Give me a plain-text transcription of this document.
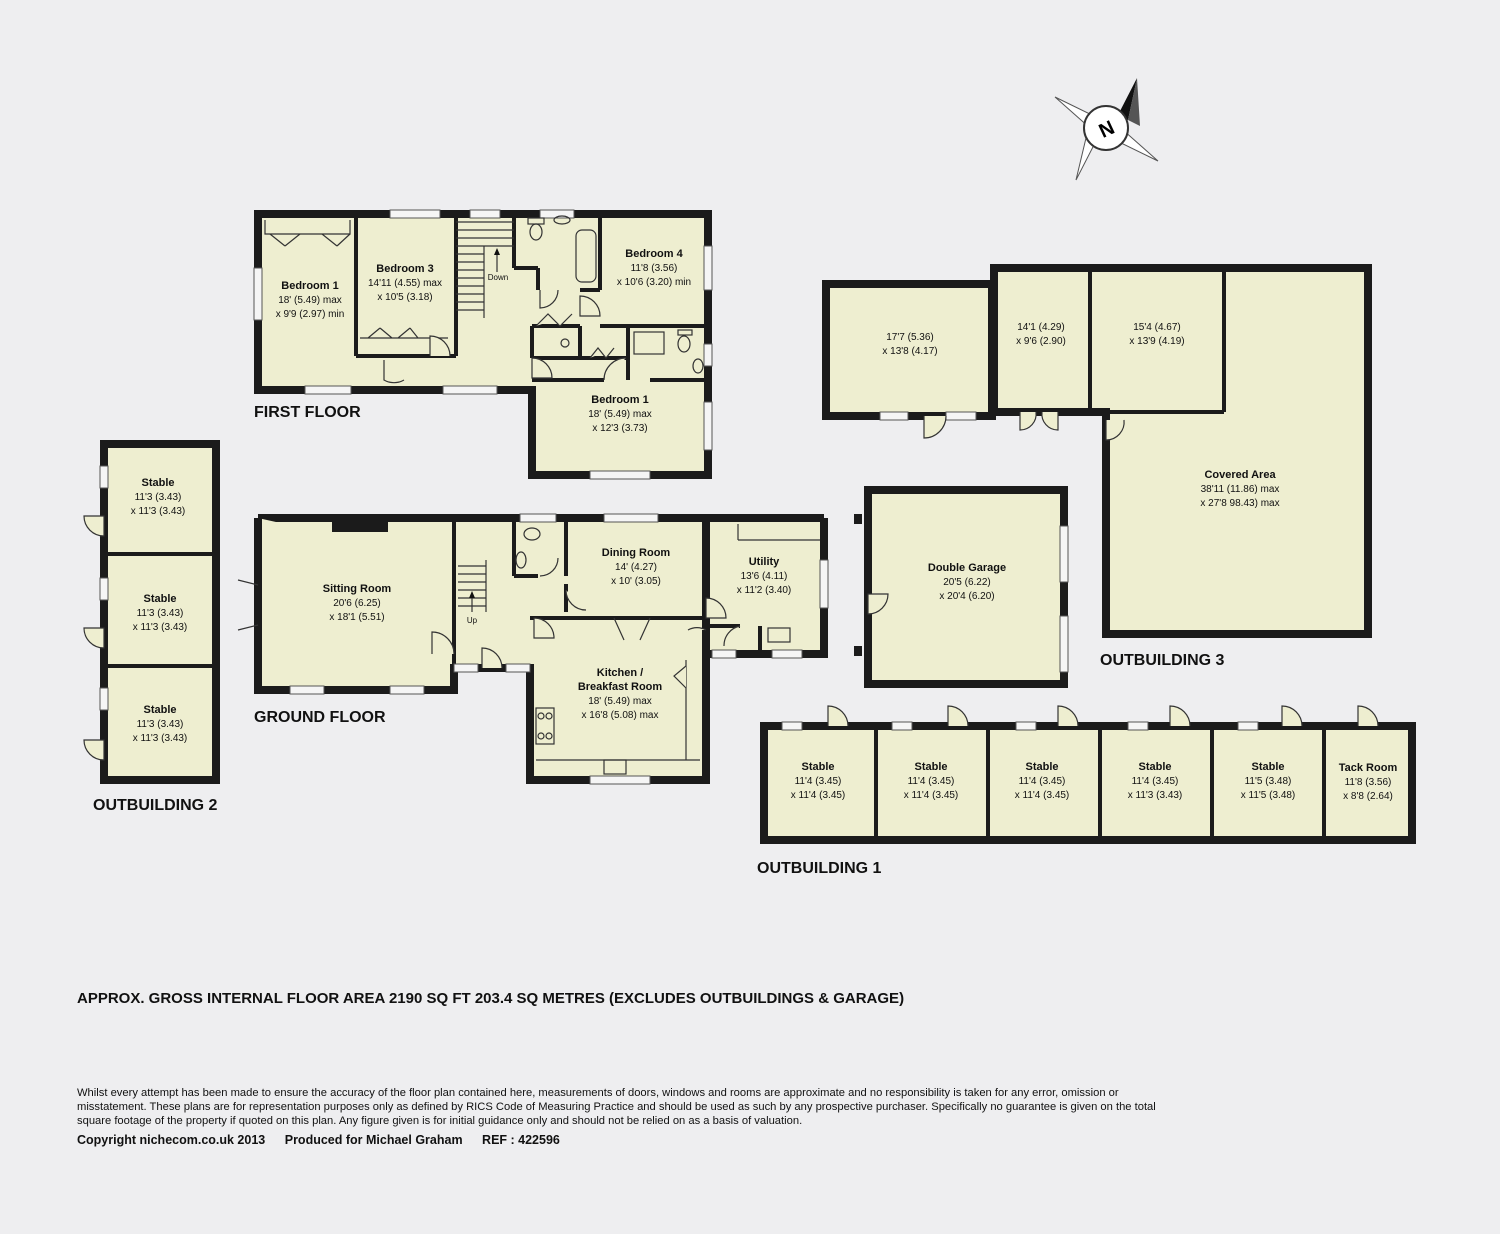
N
Down
Bedroom 1
18' (5.49) max
x 9'9 (2.97) min
Bedroom 3
14'11 (4.55) max
x 10'5 (3.18)
Bedroom 4
11'8 (3.56)
x 10'6 (3.20) min
Bedroom 1
18' (5.49) max
x 12'3 (3.73)
FIRST FLOOR
Up
Sitting Room
20'6 (6.25)
x 18'1 (5.51)
Dining Room
14' (4.27)
x 10' (3.05)
Utility
13'6 (4.11)
x 11'2 (3.40)
Kitchen /
Breakfast Room
18' (5.49) max
x 16'8 (5.08) max
GROUND FLOOR
Stable
11'3 (3.43)
x 11'3 (3.43)
Stable
11'3 (3.43)
x 11'3 (3.43)
Stable
11'3 (3.43)
x 11'3 (3.43)
OUTBUILDING 2
17'7 (5.36)
x 13'8 (4.17)
14'1 (4.29)
x 9'6 (2.90)
15'4 (4.67)
x 13'9 (4.19)
Covered Area
38'11 (11.86) max
x 27'8 98.43) max
Double Garage
20'5 (6.22)
x 20'4 (6.20)
OUTBUILDING 3
Stable
11'4 (3.45)
x 11'4 (3.45)
Stable
11'4 (3.45)
x 11'4 (3.45)
Stable
11'4 (3.45)
x 11'4 (3.45)
Stable
11'4 (3.45)
x 11'3 (3.43)
Stable
11'5 (3.48)
x 11'5 (3.48)
Tack Room
11'8 (3.56)
x 8'8 (2.64)
OUTBUILDING 1

APPROX. GROSS INTERNAL FLOOR AREA 2190 SQ FT 203.4 SQ METRES (EXCLUDES OUTBUILDINGS & GARAGE)

Whilst every attempt has been made to ensure the accuracy of the floor plan contained here, measurements of doors, windows and rooms are approximate and no responsibility is taken for any error, omission or misstatement. These plans are for representation purposes only as defined by RICS Code of Measuring Practice and should be used as such by any prospective purchaser. Specifically no guarantee is given on the total square footage of the property if quoted on this plan. Any figure given is for initial guidance only and should not be relied on as a basis of valuation.

Copyright nichecom.co.uk 2013 Produced for Michael Graham REF : 422596
